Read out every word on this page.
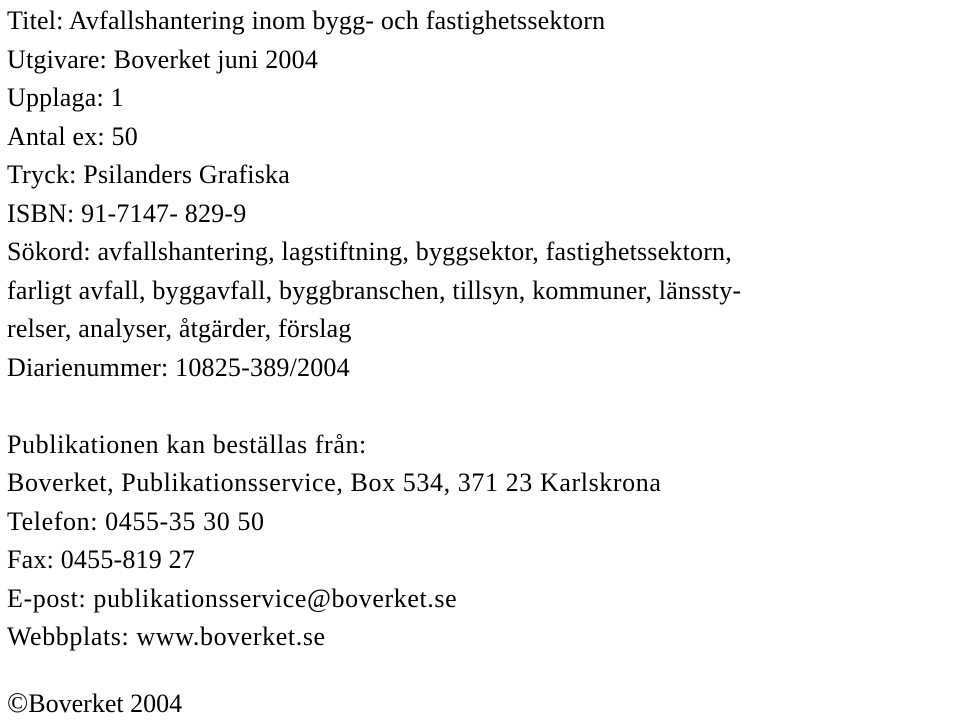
Titel: Avfallshantering inom bygg- och fastighetssektorn
Utgivare: Boverket juni 2004
Upplaga: 1
Antal ex: 50
Tryck: Psilanders Grafiska
ISBN: 91-7147- 829-9
Sökord: avfallshantering, lagstiftning, byggsektor, fastighetssektorn,
farligt avfall, byggavfall, byggbranschen, tillsyn, kommuner, länssty-
relser, analyser, åtgärder, förslag
Diarienummer: 10825-389/2004
Publikationen kan beställas från:
Boverket, Publikationsservice, Box 534, 371 23 Karlskrona
Telefon: 0455-35 30 50
Fax: 0455-819 27
E-post: publikationsservice@boverket.se
Webbplats: www.boverket.se
©Boverket 2004
